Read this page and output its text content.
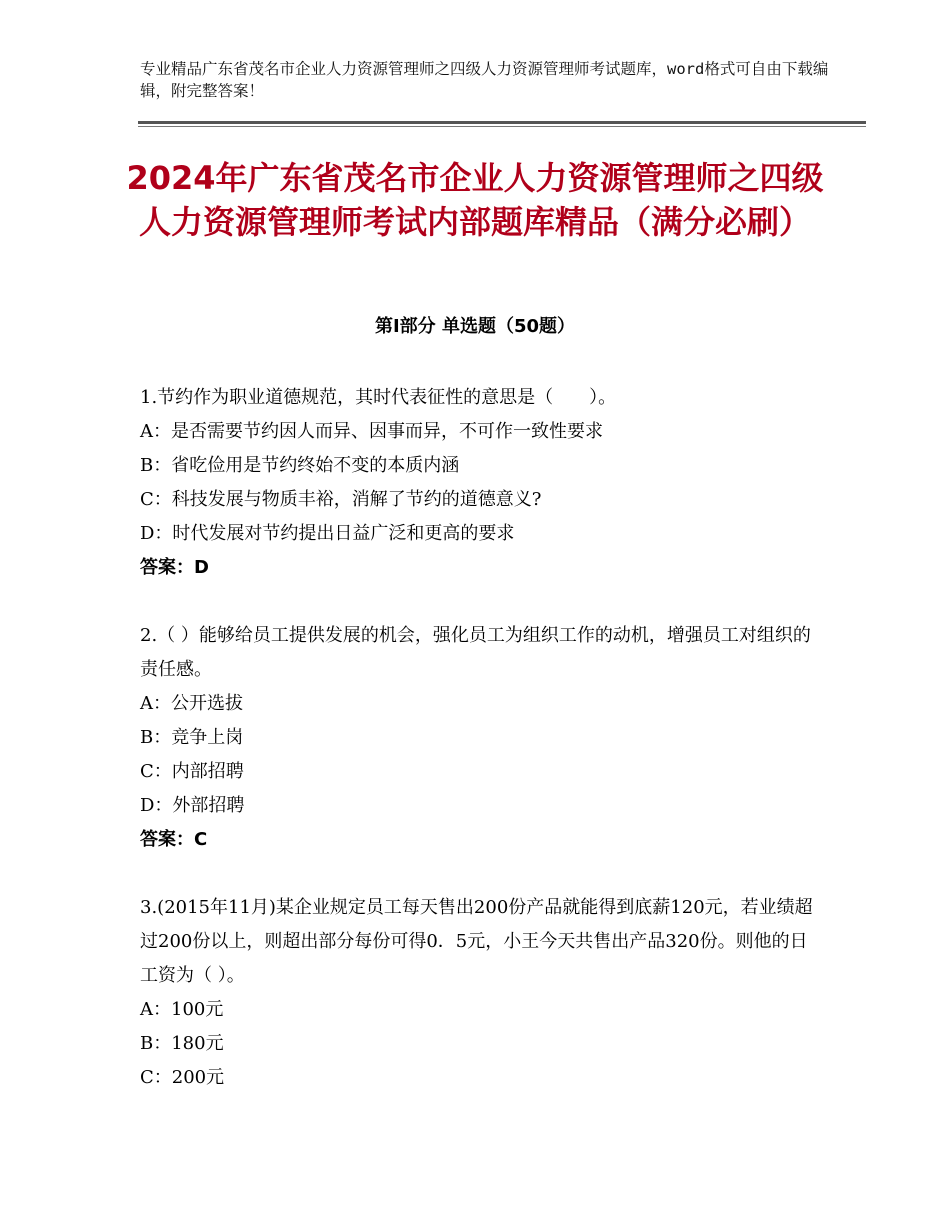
专业精品广东省茂名市企业人力资源管理师之四级人力资源管理师考试题库，word格式可自由下载编辑，附完整答案！
2024年广东省茂名市企业人力资源管理师之四级人力资源管理师考试内部题库精品（满分必刷）
第Ⅰ部分 单选题（50题）

1.节约作为职业道德规范，其时代表征性的意思是（　　）。

A：是否需要节约因人而异、因事而异，不可作一致性要求

B：省吃俭用是节约终始不变的本质内涵

C：科技发展与物质丰裕，消解了节约的道德意义?

D：时代发展对节约提出日益广泛和更高的要求

答案：D

2.（ ）能够给员工提供发展的机会，强化员工为组织工作的动机，增强员工对组织的责任感。

A：公开选拔

B：竞争上岗

C：内部招聘

D：外部招聘

答案：C

3.(2015年11月)某企业规定员工每天售出200份产品就能得到底薪120元，若业绩超过200份以上，则超出部分每份可得0．5元，小王今天共售出产品320份。则他的日工资为（ ）。

A：100元

B：180元

C：200元
